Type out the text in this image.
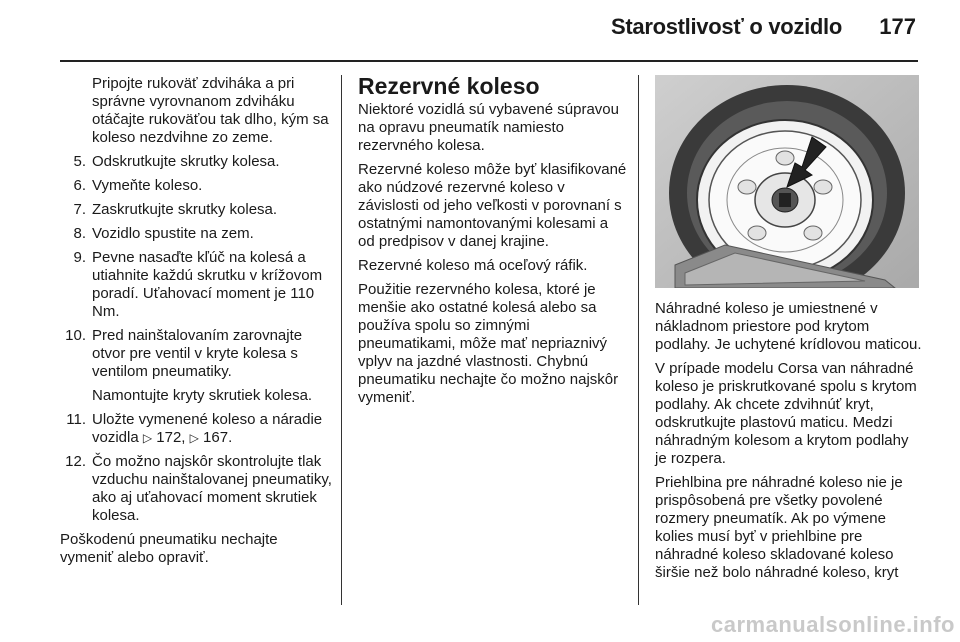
Starostlivosť o vozidlo	177

Pripojte rukoväť zdviháka a pri správne vyrovnanom zdviháku otáčajte rukoväťou tak dlho, kým sa koleso nezdvihne zo zeme.

5. Odskrutkujte skrutky kolesa.
6. Vymeňte koleso.
7. Zaskrutkujte skrutky kolesa.
8. Vozidlo spustite na zem.
9. Pevne nasaďte kľúč na kolesá a utiahnite každú skrutku v krížovom poradí. Uťahovací moment je 110 Nm.
10. Pred nainštalovaním zarovnajte otvor pre ventil v kryte kolesa s ventilom pneumatiky.

Namontujte kryty skrutiek kolesa.

11. Uložte vymenené koleso a náradie vozidla ▷ 172, ▷ 167.
12. Čo možno najskôr skontrolujte tlak vzduchu nainštalovanej pneumatiky, ako aj uťahovací moment skrutiek kolesa.

Poškodenú pneumatiku nechajte vymeniť alebo opraviť.

Rezervné koleso

Niektoré vozidlá sú vybavené súpravou na opravu pneumatík namiesto rezervného kolesa.

Rezervné koleso môže byť klasifikované ako núdzové rezervné koleso v závislosti od jeho veľkosti v porovnaní s ostatnými namontovanými kolesami a od predpisov v danej krajine.

Rezervné koleso má oceľový ráfik.

Použitie rezervného kolesa, ktoré je menšie ako ostatné kolesá alebo sa používa spolu so zimnými pneumatikami, môže mať nepriaznivý vplyv na jazdné vlastnosti. Chybnú pneumatiku nechajte čo možno najskôr vymeniť.

Náhradné koleso je umiestnené v nákladnom priestore pod krytom podlahy. Je uchytené krídlovou maticou.

V prípade modelu Corsa van náhradné koleso je priskrutkované spolu s krytom podlahy. Ak chcete zdvihnúť kryt, odskrutkujte plastovú maticu. Medzi náhradným kolesom a krytom podlahy je rozpera.

Priehlbina pre náhradné koleso nie je prispôsobená pre všetky povolené rozmery pneumatík. Ak po výmene kolies musí byť v priehlbine pre náhradné koleso skladované koleso širšie než bolo náhradné koleso, kryt

carmanualsonline.info
